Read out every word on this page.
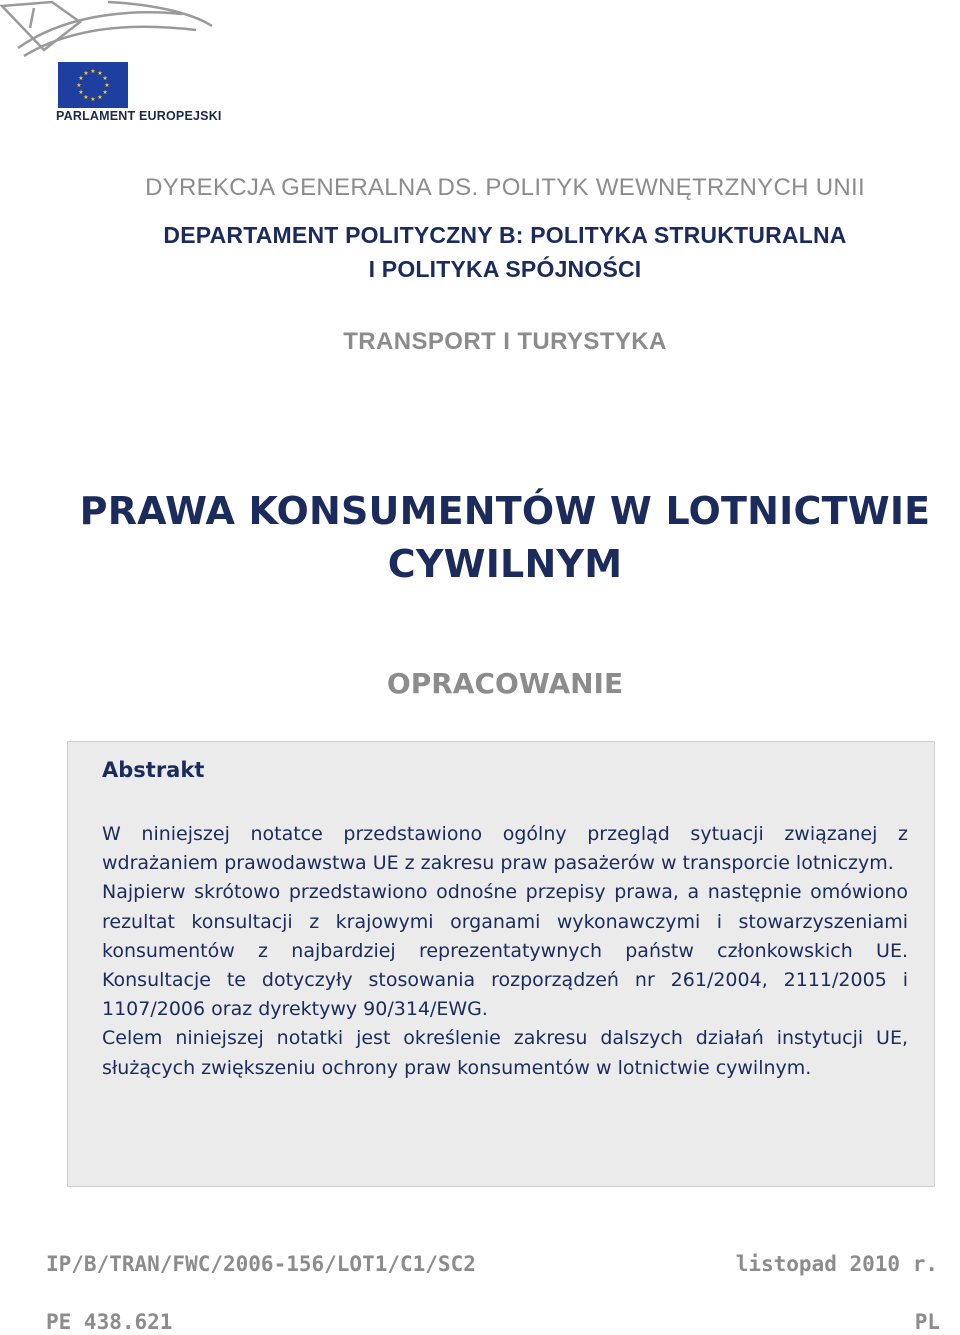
★ ★
★
★
★
★
★
★
★
★
★
★
PARLAMENT EUROPEJSKI
DYREKCJA GENERALNA DS. POLITYK WEWNĘTRZNYCH UNII
DEPARTAMENT POLITYCZNY B: POLITYKA STRUKTURALNA
I POLITYKA SPÓJNOŚCI
TRANSPORT I TURYSTYKA
PRAWA KONSUMENTÓW W LOTNICTWIE
CYWILNYM
OPRACOWANIE
Abstrakt

W niniejszej notatce przedstawiono ogólny przegląd sytuacji związanej z wdrażaniem prawodawstwa UE z zakresu praw pasażerów w transporcie lotniczym.

Najpierw skrótowo przedstawiono odnośne przepisy prawa, a następnie omówiono rezultat konsultacji z krajowymi organami wykonawczymi i stowarzyszeniami konsumentów z najbardziej reprezentatywnych państw członkowskich UE. Konsultacje te dotyczyły stosowania rozporządzeń nr 261/2004, 2111/2005 i 1107/2006 oraz dyrektywy 90/314/EWG.

Celem niniejszej notatki jest określenie zakresu dalszych działań instytucji UE, służących zwiększeniu ochrony praw konsumentów w lotnictwie cywilnym.

IP/B/TRAN/FWC/2006-156/LOT1/C1/SC2	listopad 2010 r.
PE 438.621	PL
